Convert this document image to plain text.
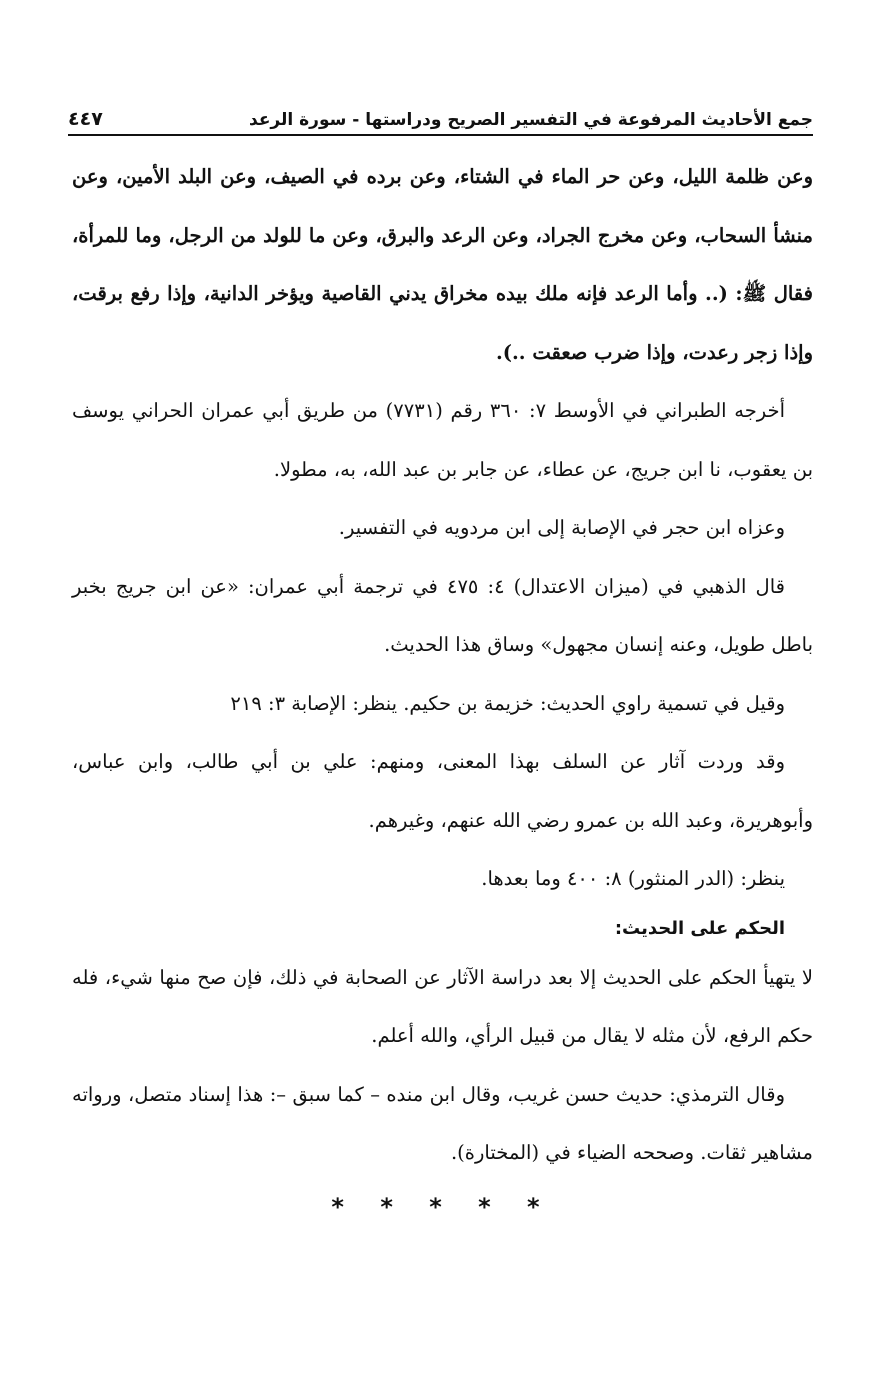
جمع الأحاديث المرفوعة في التفسير الصريح ودراستها - سورة الرعد
٤٤٧

وعن ظلمة الليل، وعن حر الماء في الشتاء، وعن برده في الصيف، وعن البلد الأمين، وعن منشأ السحاب، وعن مخرج الجراد، وعن الرعد والبرق، وعن ما للولد من الرجل، وما للمرأة، فقال ﷺ: (.. وأما الرعد فإنه ملك بيده مخراق يدني القاصية ويؤخر الدانية، وإذا رفع برقت، وإذا زجر رعدت، وإذا ضرب صعقت ..).

أخرجه الطبراني في الأوسط ٧: ٣٦٠ رقم (٧٧٣١) من طريق أبي عمران الحراني يوسف بن يعقوب، نا ابن جريج، عن عطاء، عن جابر بن عبد الله، به، مطولا.

وعزاه ابن حجر في الإصابة إلى ابن مردويه في التفسير.

قال الذهبي في (ميزان الاعتدال) ٤: ٤٧٥ في ترجمة أبي عمران: «عن ابن جريج بخبر باطل طويل، وعنه إنسان مجهول» وساق هذا الحديث.

وقيل في تسمية راوي الحديث: خزيمة بن حكيم. ينظر: الإصابة ٣: ٢١٩

وقد وردت آثار عن السلف بهذا المعنى، ومنهم: علي بن أبي طالب، وابن عباس، وأبوهريرة، وعبد الله بن عمرو رضي الله عنهم، وغيرهم.

ينظر: (الدر المنثور) ٨: ٤٠٠ وما بعدها.

الحكم على الحديث:

لا يتهيأ الحكم على الحديث إلا بعد دراسة الآثار عن الصحابة في ذلك، فإن صح منها شيء، فله حكم الرفع، لأن مثله لا يقال من قبيل الرأي، والله أعلم.

وقال الترمذي: حديث حسن غريب، وقال ابن منده – كما سبق –: هذا إسناد متصل، ورواته مشاهير ثقات. وصححه الضياء في (المختارة).

* * * * *
